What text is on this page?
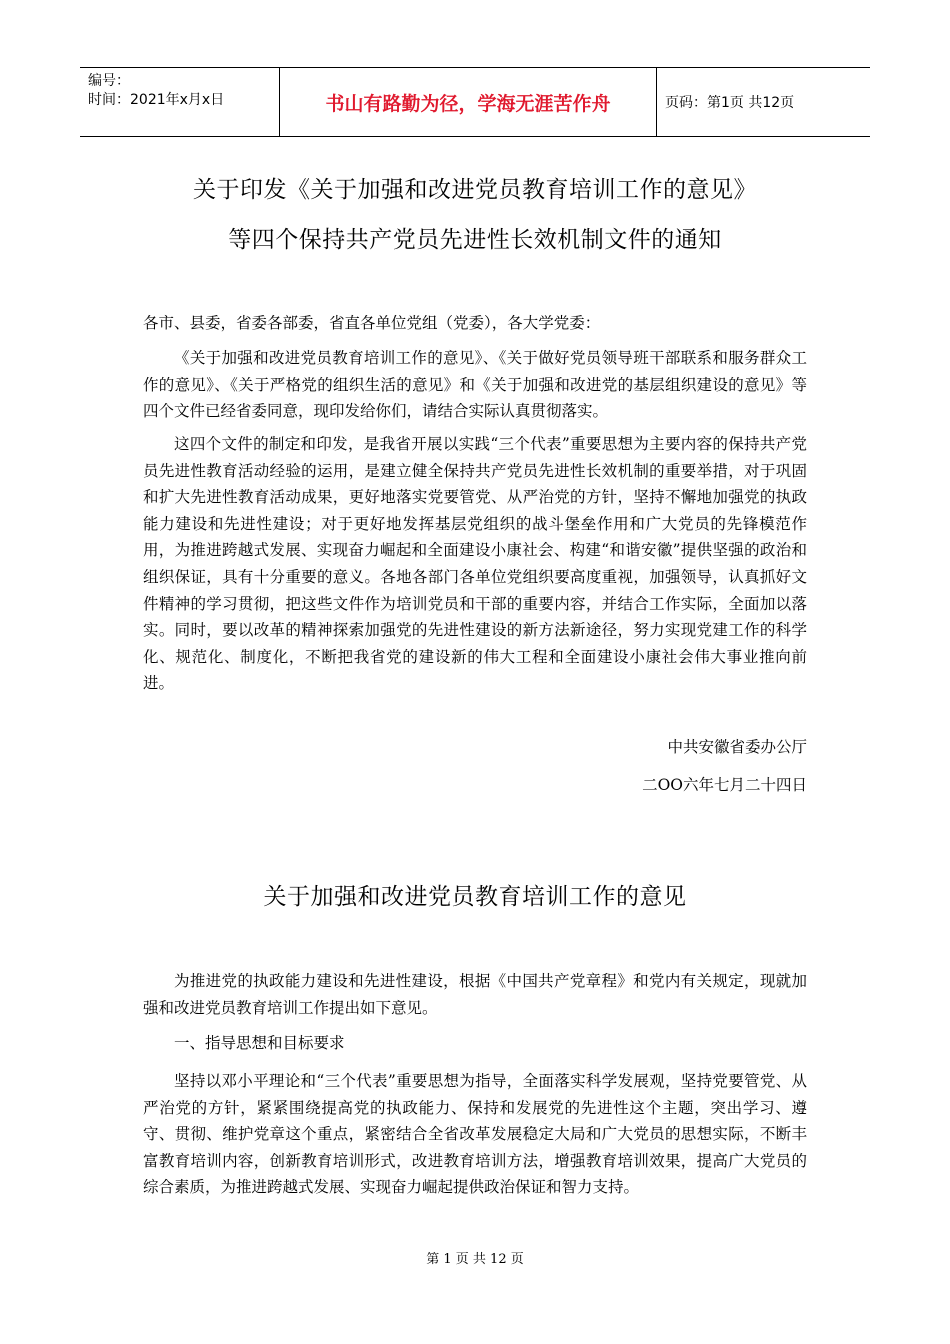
编号：
时间：2021年x月x日	书山有路勤为径，学海无涯苦作舟	页码：第1页 共12页
关于印发《关于加强和改进党员教育培训工作的意见》
等四个保持共产党员先进性长效机制文件的通知

各市、县委，省委各部委，省直各单位党组（党委），各大学党委：

《关于加强和改进党员教育培训工作的意见》、《关于做好党员领导班干部联系和服务群众工作的意见》、《关于严格党的组织生活的意见》和《关于加强和改进党的基层组织建设的意见》等四个文件已经省委同意，现印发给你们，请结合实际认真贯彻落实。

这四个文件的制定和印发，是我省开展以实践“三个代表”重要思想为主要内容的保持共产党员先进性教育活动经验的运用，是建立健全保持共产党员先进性长效机制的重要举措，对于巩固和扩大先进性教育活动成果，更好地落实党要管党、从严治党的方针，坚持不懈地加强党的执政能力建设和先进性建设；对于更好地发挥基层党组织的战斗堡垒作用和广大党员的先锋模范作用，为推进跨越式发展、实现奋力崛起和全面建设小康社会、构建“和谐安徽”提供坚强的政治和组织保证，具有十分重要的意义。各地各部门各单位党组织要高度重视，加强领导，认真抓好文件精神的学习贯彻，把这些文件作为培训党员和干部的重要内容，并结合工作实际，全面加以落实。同时，要以改革的精神探索加强党的先进性建设的新方法新途径，努力实现党建工作的科学化、规范化、制度化，不断把我省党的建设新的伟大工程和全面建设小康社会伟大事业推向前进。

中共安徽省委办公厅
二OO六年七月二十四日
关于加强和改进党员教育培训工作的意见

为推进党的执政能力建设和先进性建设，根据《中国共产党章程》和党内有关规定，现就加强和改进党员教育培训工作提出如下意见。

一、指导思想和目标要求

坚持以邓小平理论和“三个代表”重要思想为指导，全面落实科学发展观，坚持党要管党、从严治党的方针，紧紧围绕提高党的执政能力、保持和发展党的先进性这个主题，突出学习、遵守、贯彻、维护党章这个重点，紧密结合全省改革发展稳定大局和广大党员的思想实际，不断丰富教育培训内容，创新教育培训形式，改进教育培训方法，增强教育培训效果，提高广大党员的综合素质，为推进跨越式发展、实现奋力崛起提供政治保证和智力支持。

第 1 页 共 12 页
